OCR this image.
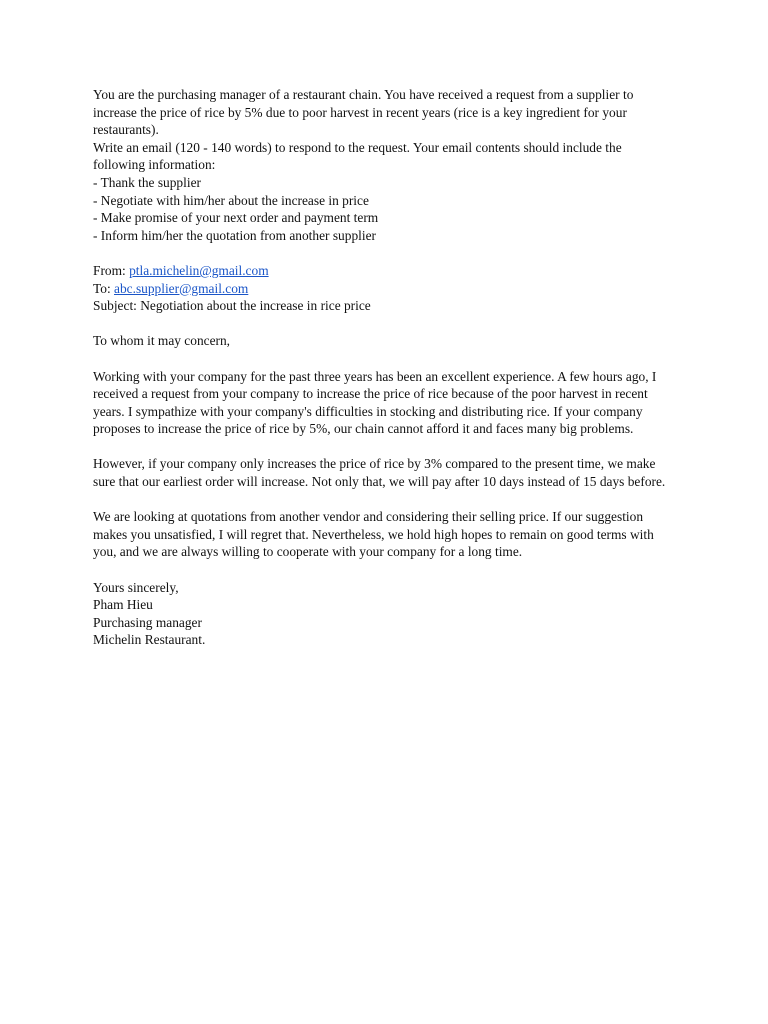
You are the purchasing manager of a restaurant chain. You have received a request from a supplier to increase the price of rice by 5% due to poor harvest in recent years (rice is a key ingredient for your restaurants).

Write an email (120 - 140 words) to respond to the request. Your email contents should include the following information:

- Thank the supplier
- Negotiate with him/her about the increase in price
- Make promise of your next order and payment term
- Inform him/her the quotation from another supplier
From: ptla.michelin@gmail.com
To: abc.supplier@gmail.com
Subject: Negotiation about the increase in rice price

To whom it may concern,

Working with your company for the past three years has been an excellent experience. A few hours ago, I received a request from your company to increase the price of rice because of the poor harvest in recent years. I sympathize with your company's difficulties in stocking and distributing rice. If your company proposes to increase the price of rice by 5%, our chain cannot afford it and faces many big problems.

However, if your company only increases the price of rice by 3% compared to the present time, we make sure that our earliest order will increase. Not only that, we will pay after 10 days instead of 15 days before.

We are looking at quotations from another vendor and considering their selling price. If our suggestion makes you unsatisfied, I will regret that. Nevertheless, we hold high hopes to remain on good terms with you, and we are always willing to cooperate with your company for a long time.

Yours sincerely,
Pham Hieu
Purchasing manager
Michelin Restaurant.
